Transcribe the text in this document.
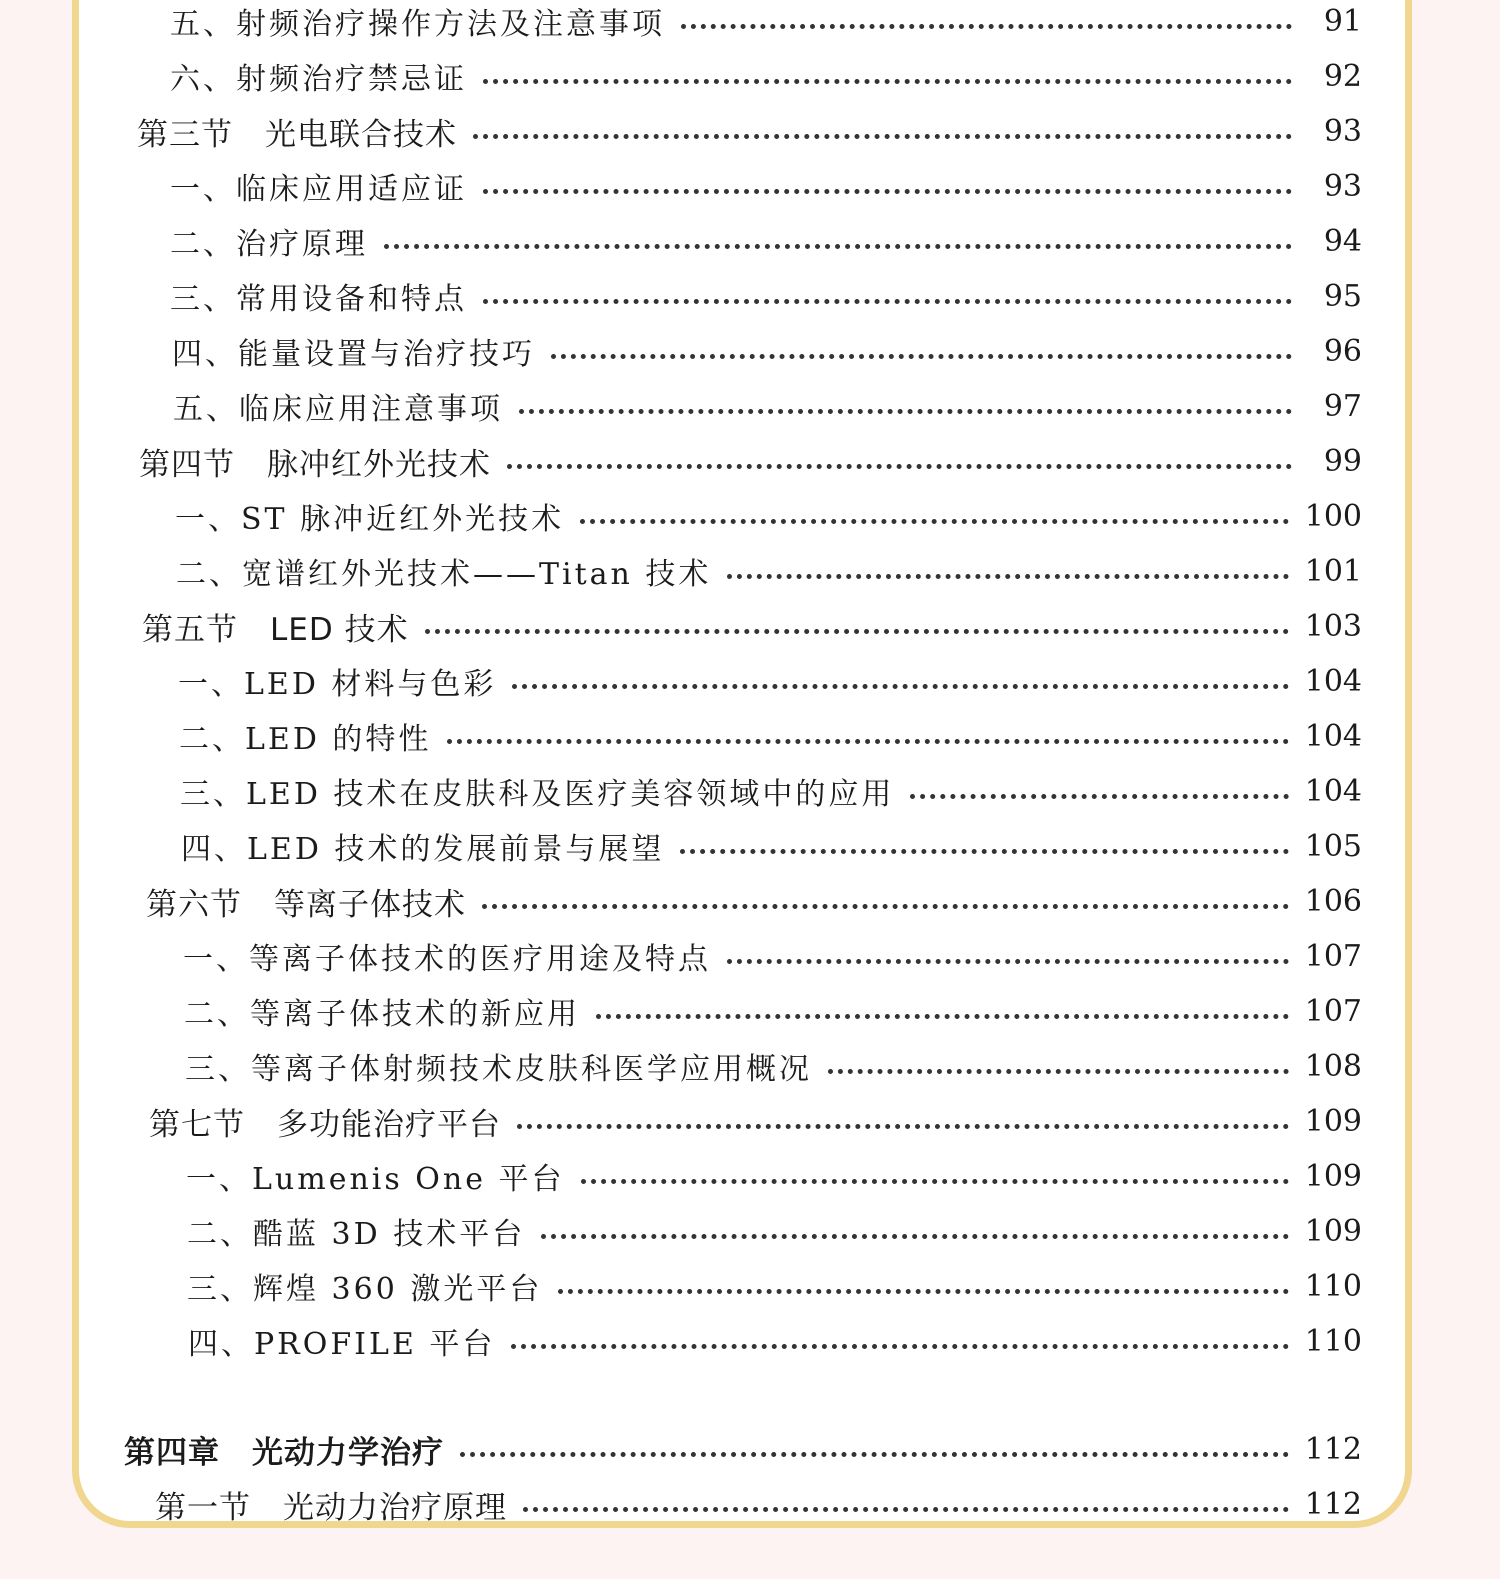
五、射频治疗操作方法及注意事项	91
六、射频治疗禁忌证	92
第三节　光电联合技术	93
一、临床应用适应证	93
二、治疗原理	94
三、常用设备和特点	95
四、能量设置与治疗技巧	96
五、临床应用注意事项	97
第四节　脉冲红外光技术	99
一、ST 脉冲近红外光技术	100
二、宽谱红外光技术——Titan 技术	101
第五节　LED 技术	103
一、LED 材料与色彩	104
二、LED 的特性	104
三、LED 技术在皮肤科及医疗美容领域中的应用	104
四、LED 技术的发展前景与展望	105
第六节　等离子体技术	106
一、等离子体技术的医疗用途及特点	107
二、等离子体技术的新应用	107
三、等离子体射频技术皮肤科医学应用概况	108
第七节　多功能治疗平台	109
一、Lumenis One 平台	109
二、酷蓝 3D 技术平台	109
三、辉煌 360 激光平台	110
四、PROFILE 平台	110
第四章　光动力学治疗	112
第一节　光动力治疗原理	112
